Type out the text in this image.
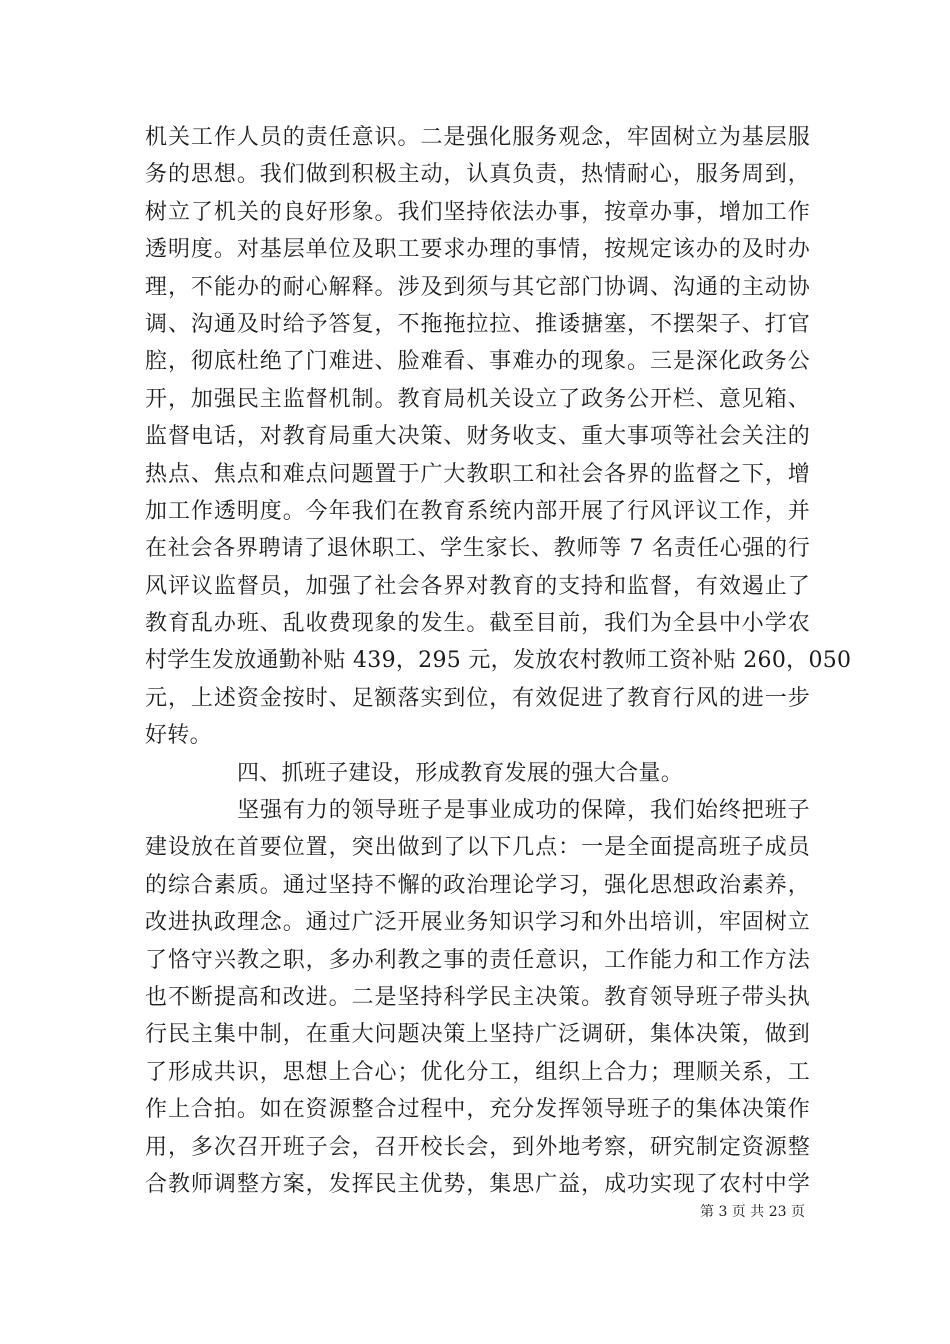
机关工作人员的责任意识。二是强化服务观念，牢固树立为基层服
务的思想。我们做到积极主动，认真负责，热情耐心，服务周到，
树立了机关的良好形象。我们坚持依法办事，按章办事，增加工作
透明度。对基层单位及职工要求办理的事情，按规定该办的及时办
理，不能办的耐心解释。涉及到须与其它部门协调、沟通的主动协
调、沟通及时给予答复，不拖拖拉拉、推诿搪塞，不摆架子、打官
腔，彻底杜绝了门难进、脸难看、事难办的现象。三是深化政务公
开，加强民主监督机制。教育局机关设立了政务公开栏、意见箱、
监督电话，对教育局重大决策、财务收支、重大事项等社会关注的
热点、焦点和难点问题置于广大教职工和社会各界的监督之下，增
加工作透明度。今年我们在教育系统内部开展了行风评议工作，并
在社会各界聘请了退休职工、学生家长、教师等 7 名责任心强的行
风评议监督员，加强了社会各界对教育的支持和监督，有效遏止了
教育乱办班、乱收费现象的发生。截至目前，我们为全县中小学农
村学生发放通勤补贴 439，295 元，发放农村教师工资补贴 260，050
元，上述资金按时、足额落实到位，有效促进了教育行风的进一步
好转。
四、抓班子建设，形成教育发展的强大合量。
坚强有力的领导班子是事业成功的保障，我们始终把班子
建设放在首要位置，突出做到了以下几点：一是全面提高班子成员
的综合素质。通过坚持不懈的政治理论学习，强化思想政治素养，
改进执政理念。通过广泛开展业务知识学习和外出培训，牢固树立
了恪守兴教之职，多办利教之事的责任意识，工作能力和工作方法
也不断提高和改进。二是坚持科学民主决策。教育领导班子带头执
行民主集中制，在重大问题决策上坚持广泛调研，集体决策，做到
了形成共识，思想上合心；优化分工，组织上合力；理顺关系，工
作上合拍。如在资源整合过程中，充分发挥领导班子的集体决策作
用，多次召开班子会，召开校长会，到外地考察，研究制定资源整
合教师调整方案，发挥民主优势，集思广益，成功实现了农村中学
第 3 页 共 23 页
